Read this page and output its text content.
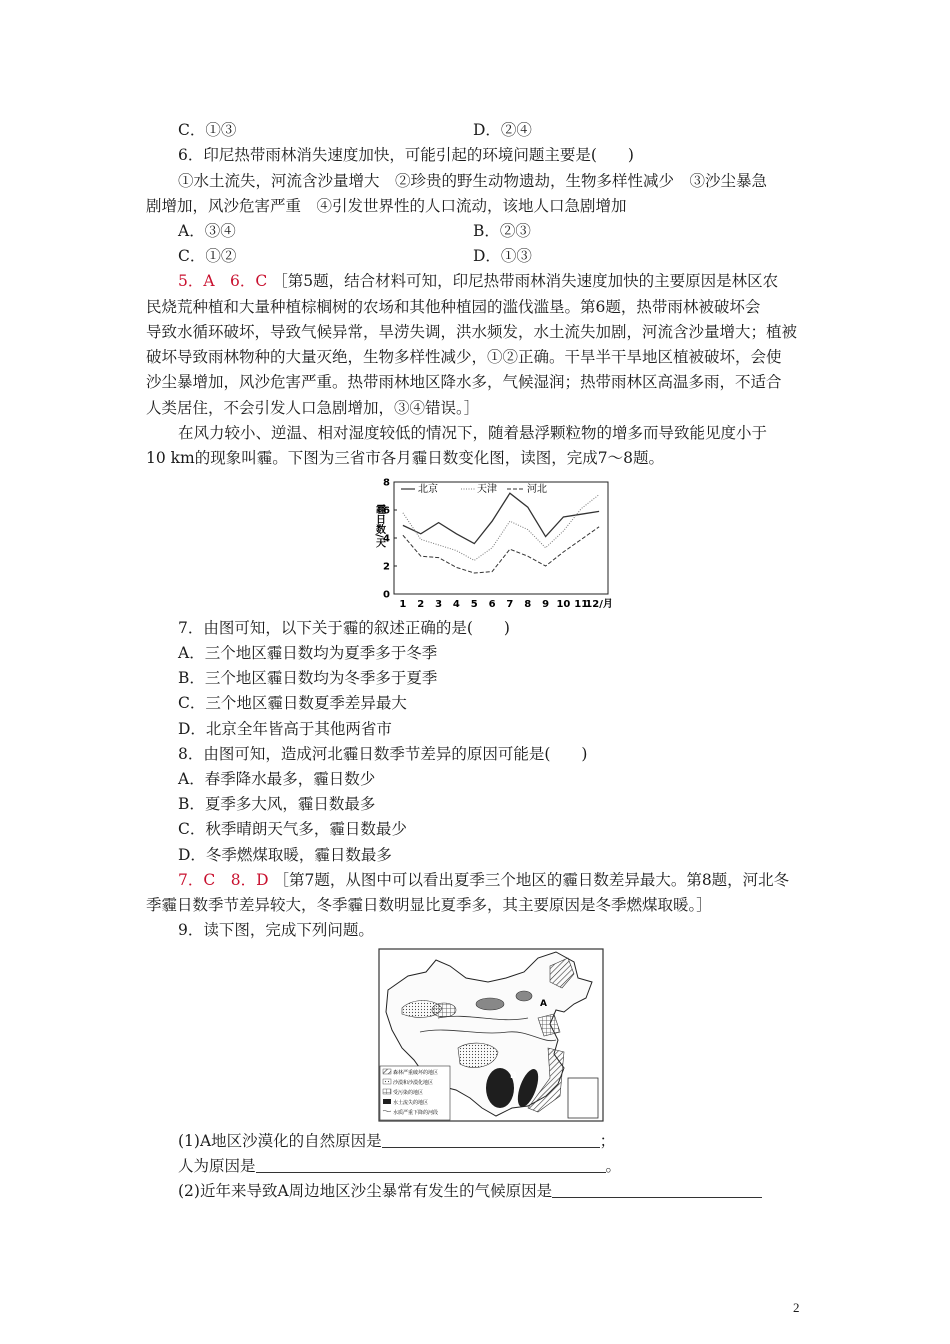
C．①③	D．②④
6．印尼热带雨林消失速度加快，可能引起的环境问题主要是(　　)
①水土流失，河流含沙量增大　②珍贵的野生动物遗劫，生物多样性减少　③沙尘暴急
剧增加，风沙危害严重　④引发世界性的人口流动，该地人口急剧增加
A．③④	B．②③
C．①②	D．①③
5．A　6．C ［第5题，结合材料可知，印尼热带雨林消失速度加快的主要原因是林区农
民烧荒种植和大量种植棕榈树的农场和其他种植园的滥伐滥垦。第6题，热带雨林被破坏会
导致水循环破坏，导致气候异常，旱涝失调，洪水频发，水土流失加剧，河流含沙量增大；植被
破坏导致雨林物种的大量灭绝，生物多样性减少，①②正确。干旱半干旱地区植被破坏，会使
沙尘暴增加，风沙危害严重。热带雨林地区降水多，气候湿润；热带雨林区高温多雨，不适合
人类居住，不会引发人口急剧增加，③④错误。］
在风力较小、逆温、相对湿度较低的情况下，随着悬浮颗粒物的增多而导致能见度小于
10 km的现象叫霾。下图为三省市各月霾日数变化图，读图，完成7～8题。
0
2
4
6
8
1 2 3 4 5 6 7 8 9 10 11
12/月
霾日数/天
北京	天津	河北
7．由图可知，以下关于霾的叙述正确的是(　　)
A．三个地区霾日数均为夏季多于冬季
B．三个地区霾日数均为冬季多于夏季
C．三个地区霾日数夏季差异最大
D．北京全年皆高于其他两省市
8．由图可知，造成河北霾日数季节差异的原因可能是(　　)
A．春季降水最多，霾日数少
B．夏季多大风，霾日数最多
C．秋季晴朗天气多，霾日数最少
D．冬季燃煤取暖，霾日数最多
7．C　8．D ［第7题，从图中可以看出夏季三个地区的霾日数差异最大。第8题，河北冬
季霾日数季节差异较大，冬季霾日数明显比夏季多，其主要原因是冬季燃煤取暖。］
9．读下图，完成下列问题。
A
B
森林严重破坏的地区
沙漠和沙漠化地区
受污染的地区
水土流失的地区
水质严重下降的河段
(1)A地区沙漠化的自然原因是	；
人为原因是	。
(2)近年来导致A周边地区沙尘暴常有发生的气候原因是
2
